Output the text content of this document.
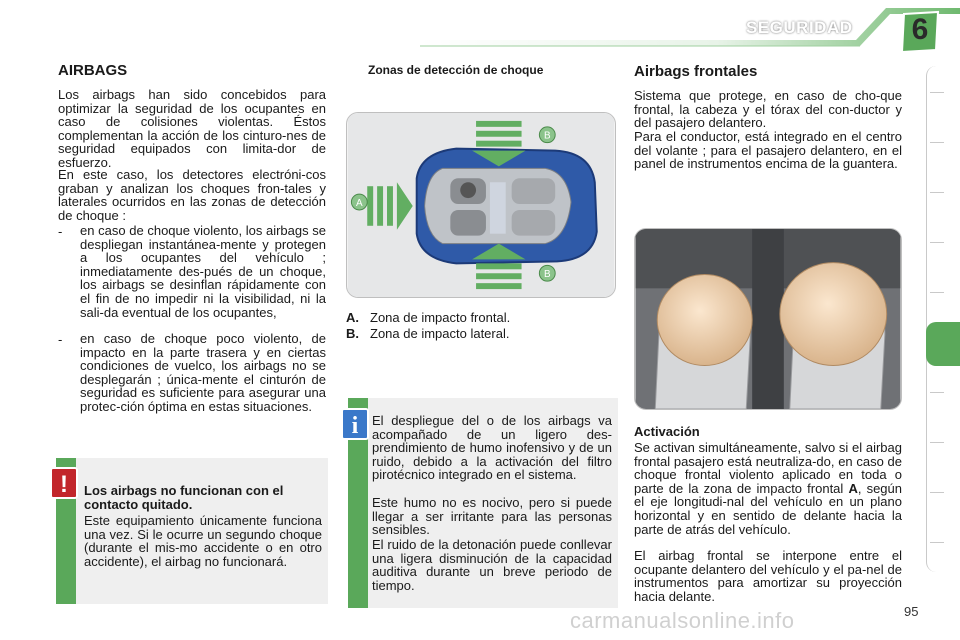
SEGURIDAD	6
AIRBAGS
Los airbags han sido concebidos para optimizar la seguridad de los ocupantes en caso de colisiones violentas. Éstos complementan la acción de los cinturo-nes de seguridad equipados con limita-dor de esfuerzo.
En este caso, los detectores electróni-cos graban y analizan los choques fron-tales y laterales ocurridos en las zonas de detección de choque :
- en caso de choque violento, los airbags se despliegan instantánea-mente y protegen a los ocupantes del vehículo ; inmediatamente des-pués de un choque, los airbags se desinflan rápidamente con el fin de no impedir ni la visibilidad, ni la sali-da eventual de los ocupantes,
- en caso de choque poco violento, de impacto en la parte trasera y en ciertas condiciones de vuelco, los airbags no se desplegarán ; única-mente el cinturón de seguridad es suficiente para asegurar una protec-ción óptima en estas situaciones.
!	Los airbags no funcionan con el contacto quitado.
Este equipamiento únicamente funciona una vez. Si le ocurre un segundo choque (durante el mis-mo accidente o en otro accidente), el airbag no funcionará.
Zonas de detección de choque
B
B
A
A. Zona de impacto frontal.
B. Zona de impacto lateral.
i	El despliegue del o de los airbags va acompañado de un ligero des-prendimiento de humo inofensivo y de un ruido, debido a la activación del filtro pirotécnico integrado en el sistema.
Este humo no es nocivo, pero si puede llegar a ser irritante para las personas sensibles.
El ruido de la detonación puede conllevar una ligera disminución de la capacidad auditiva durante un breve periodo de tiempo.
Airbags frontales
Sistema que protege, en caso de cho-que frontal, la cabeza y el tórax del con-ductor y del pasajero delantero.
Para el conductor, está integrado en el centro del volante ; para el pasajero delantero, en el panel de instrumentos encima de la guantera.
Activación
Se activan simultáneamente, salvo si el airbag frontal pasajero está neutraliza-do, en caso de choque frontal violento aplicado en toda o parte de la zona de impacto frontal A, según el eje longitudi-nal del vehículo en un plano horizontal y en sentido de delante hacia la parte de atrás del vehículo.
El airbag frontal se interpone entre el ocupante delantero del vehículo y el pa-nel de instrumentos para amortizar su proyección hacia delante.
carmanualsonline.info	95
